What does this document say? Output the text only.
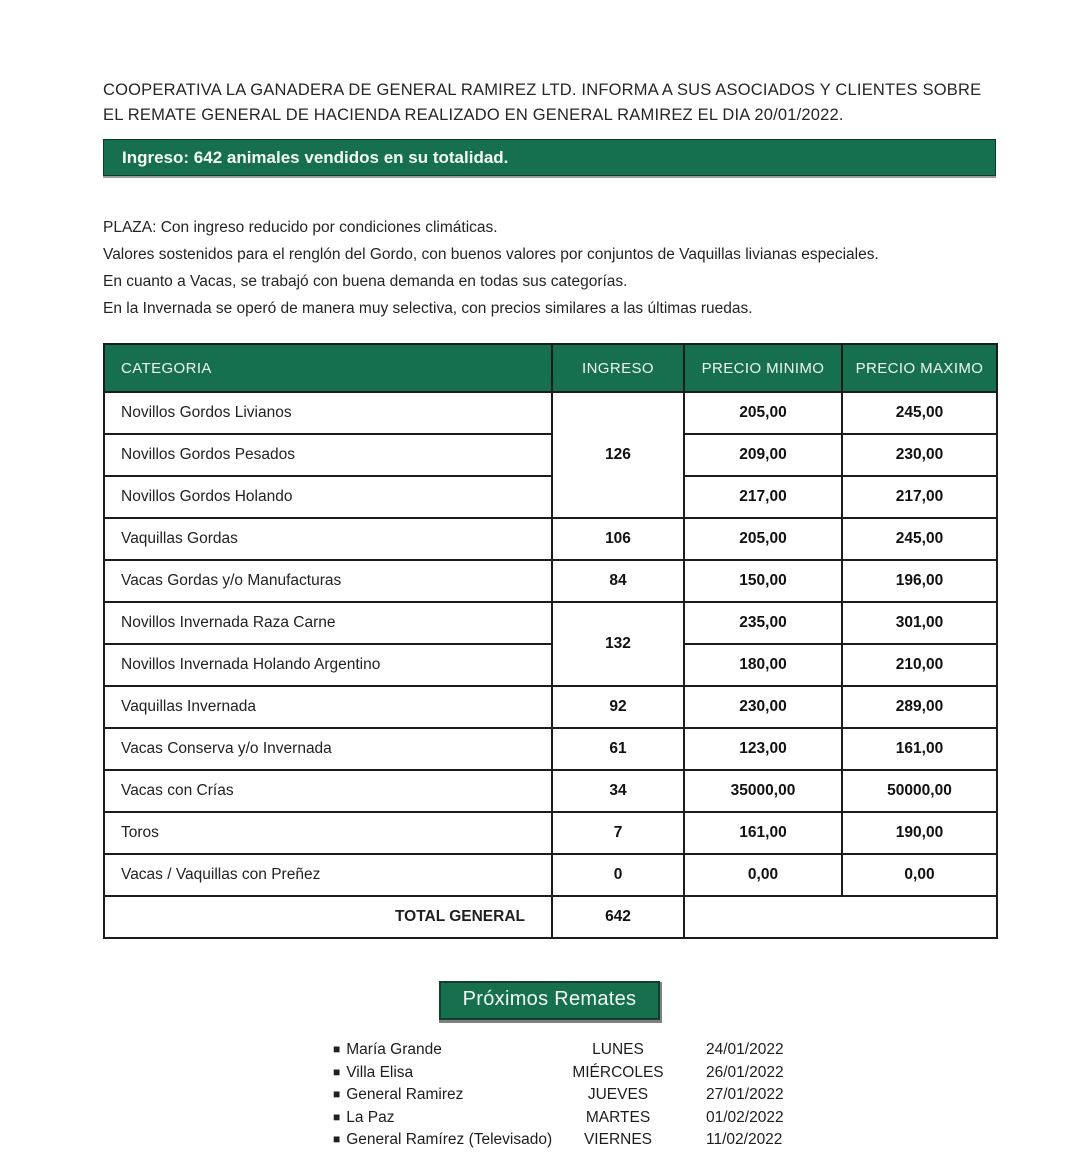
COOPERATIVA LA GANADERA DE GENERAL RAMIREZ LTD. INFORMA A SUS ASOCIADOS Y CLIENTES SOBRE EL REMATE GENERAL DE HACIENDA REALIZADO EN GENERAL RAMIREZ EL DIA 20/01/2022.

Ingreso: 642 animales vendidos en su totalidad.
PLAZA: Con ingreso reducido por condiciones climáticas.
Valores sostenidos para el renglón del Gordo, con buenos valores por conjuntos de Vaquillas livianas especiales.
En cuanto a Vacas, se trabajó con buena demanda en todas sus categorías.
En la Invernada se operó de manera muy selectiva, con precios similares a las últimas ruedas.
CATEGORIA	INGRESO	PRECIO MINIMO	PRECIO MAXIMO
Novillos Gordos Livianos	126	205,00	245,00
Novillos Gordos Pesados		209,00	230,00
Novillos Gordos Holando		217,00	217,00
Vaquillas Gordas	106	205,00	245,00
Vacas Gordas y/o Manufacturas	84	150,00	196,00
Novillos Invernada Raza Carne	132	235,00	301,00
Novillos Invernada Holando Argentino		180,00	210,00
Vaquillas Invernada	92	230,00	289,00
Vacas Conserva y/o Invernada	61	123,00	161,00
Vacas con Crías	34	35000,00	50000,00
Toros	7	161,00	190,00
Vacas / Vaquillas con Preñez	0	0,00	0,00
TOTAL GENERAL	642		
Próximos Remates
■ María Grande	LUNES	24/01/2022
■ Villa Elisa	MIÉRCOLES	26/01/2022
■ General Ramirez	JUEVES	27/01/2022
■ La Paz	MARTES	01/02/2022
■ General Ramírez (Televisado)	VIERNES	11/02/2022
